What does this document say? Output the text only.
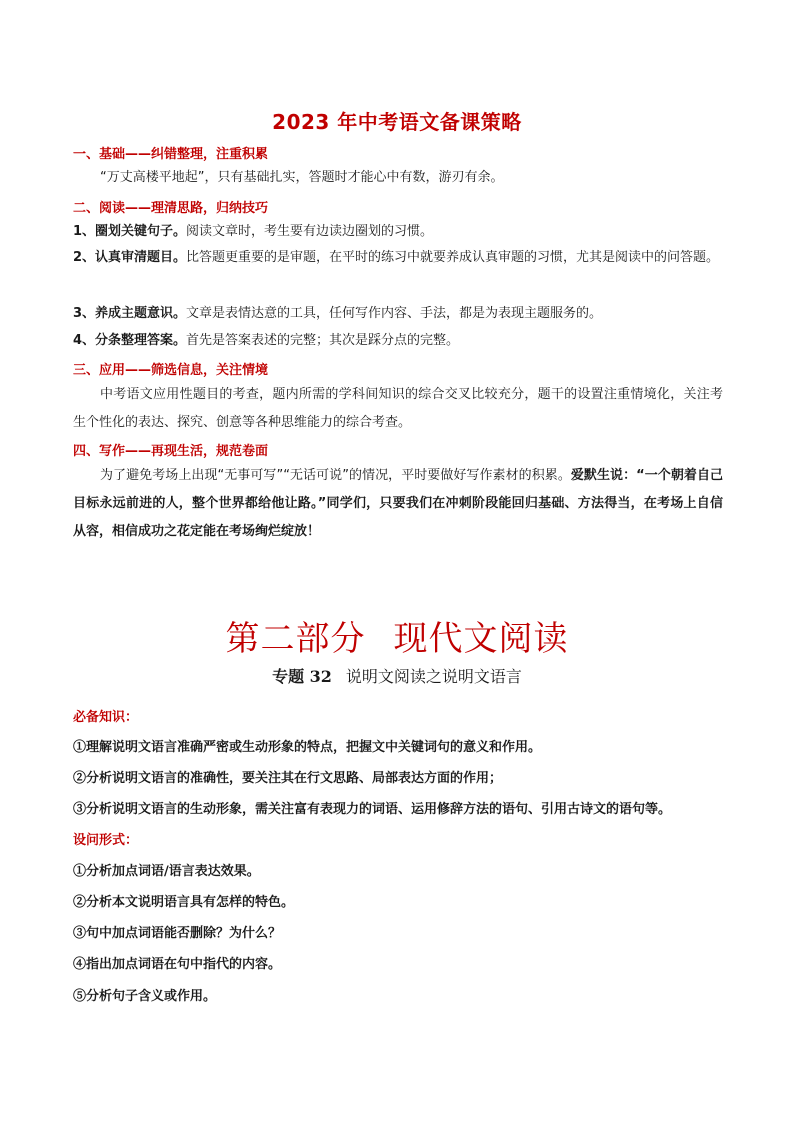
2023 年中考语文备课策略
一、基础——纠错整理，注重积累
“万丈高楼平地起”，只有基础扎实，答题时才能心中有数，游刃有余。
二、阅读——理清思路，归纳技巧
1、圈划关键句子。阅读文章时，考生要有边读边圈划的习惯。
2、认真审清题目。比答题更重要的是审题，在平时的练习中就要养成认真审题的习惯，尤其是阅读中的问答题。
3、养成主题意识。文章是表情达意的工具，任何写作内容、手法，都是为表现主题服务的。
4、分条整理答案。首先是答案表述的完整；其次是踩分点的完整。
三、应用——筛选信息，关注情境
中考语文应用性题目的考查，题内所需的学科间知识的综合交叉比较充分，题干的设置注重情境化，关注考生个性化的表达、探究、创意等各种思维能力的综合考查。
四、写作——再现生活，规范卷面
为了避免考场上出现“无事可写”“无话可说”的情况，平时要做好写作素材的积累。爱默生说：“一个朝着自己目标永远前进的人，整个世界都给他让路。”同学们，只要我们在冲刺阶段能回归基础、方法得当，在考场上自信从容，相信成功之花定能在考场绚烂绽放！
第二部分 现代文阅读
专题 32 说明文阅读之说明文语言
必备知识：
①理解说明文语言准确严密或生动形象的特点，把握文中关键词句的意义和作用。
②分析说明文语言的准确性，要关注其在行文思路、局部表达方面的作用；
③分析说明文语言的生动形象，需关注富有表现力的词语、运用修辞方法的语句、引用古诗文的语句等。
设问形式：
①分析加点词语/语言表达效果。
②分析本文说明语言具有怎样的特色。
③句中加点词语能否删除？为什么？
④指出加点词语在句中指代的内容。
⑤分析句子含义或作用。
